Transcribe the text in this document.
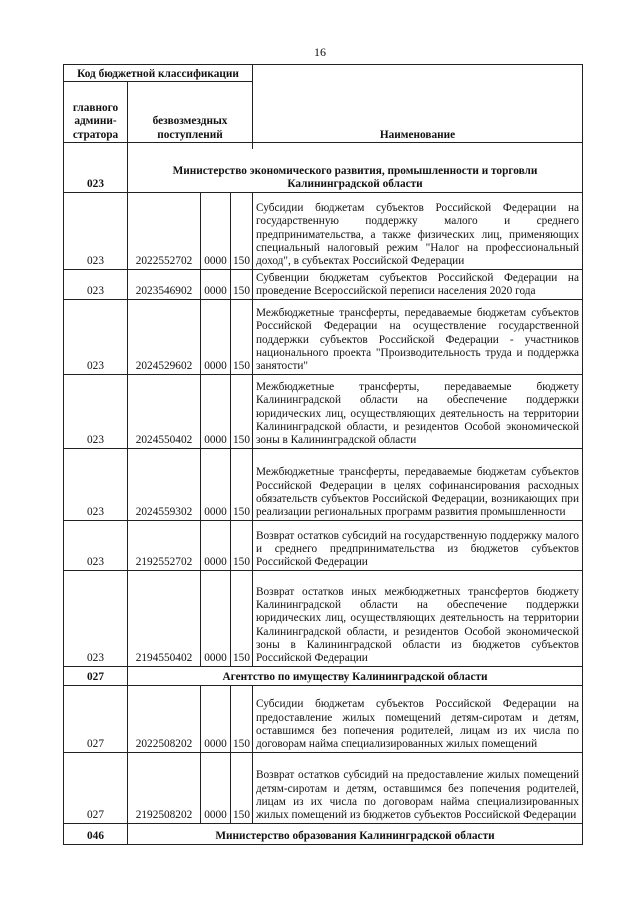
16
Код бюджетной классификации				Наименование
главного админи-стратора	безвозмездных поступлений			

023	Министерство экономического развития, промышленности и торговли Калининградской области			
023	2022552702	0000	150	Субсидии бюджетам субъектов Российской Федерации на государственную поддержку малого и среднего предпринимательства, а также физических лиц, применяющих специальный налоговый режим "Налог на профессиональный доход", в субъектах Российской Федерации
023	2023546902	0000	150	Субвенции бюджетам субъектов Российской Федерации на проведение Всероссийской переписи населения 2020 года
023	2024529602	0000	150	Межбюджетные трансферты, передаваемые бюджетам субъектов Российской Федерации на осуществление государственной поддержки субъектов Российской Федерации - участников национального проекта "Производительность труда и поддержка занятости"
023	2024550402	0000	150	Межбюджетные трансферты, передаваемые бюджету Калининградской области на обеспечение поддержки юридических лиц, осуществляющих деятельность на территории Калининградской области, и резидентов Особой экономической зоны в Калининградской области
023	2024559302	0000	150	Межбюджетные трансферты, передаваемые бюджетам субъектов Российской Федерации в целях софинансирования расходных обязательств субъектов Российской Федерации, возникающих при реализации региональных программ развития промышленности
023	2192552702	0000	150	Возврат остатков субсидий на государственную поддержку малого и среднего предпринимательства из бюджетов субъектов Российской Федерации
023	2194550402	0000	150	Возврат остатков иных межбюджетных трансфертов бюджету Калининградской области на обеспечение поддержки юридических лиц, осуществляющих деятельность на территории Калининградской области, и резидентов Особой экономической зоны в Калининградской области из бюджетов субъектов Российской Федерации
027	Агентство по имуществу Калининградской области			
027	2022508202	0000	150	Субсидии бюджетам субъектов Российской Федерации на предоставление жилых помещений детям-сиротам и детям, оставшимся без попечения родителей, лицам из их числа по договорам найма специализированных жилых помещений
027	2192508202	0000	150	Возврат остатков субсидий на предоставление жилых помещений детям-сиротам и детям, оставшимся без попечения родителей, лицам из их числа по договорам найма специализированных жилых помещений из бюджетов субъектов Российской Федерации
046	Министерство образования Калининградской области			
